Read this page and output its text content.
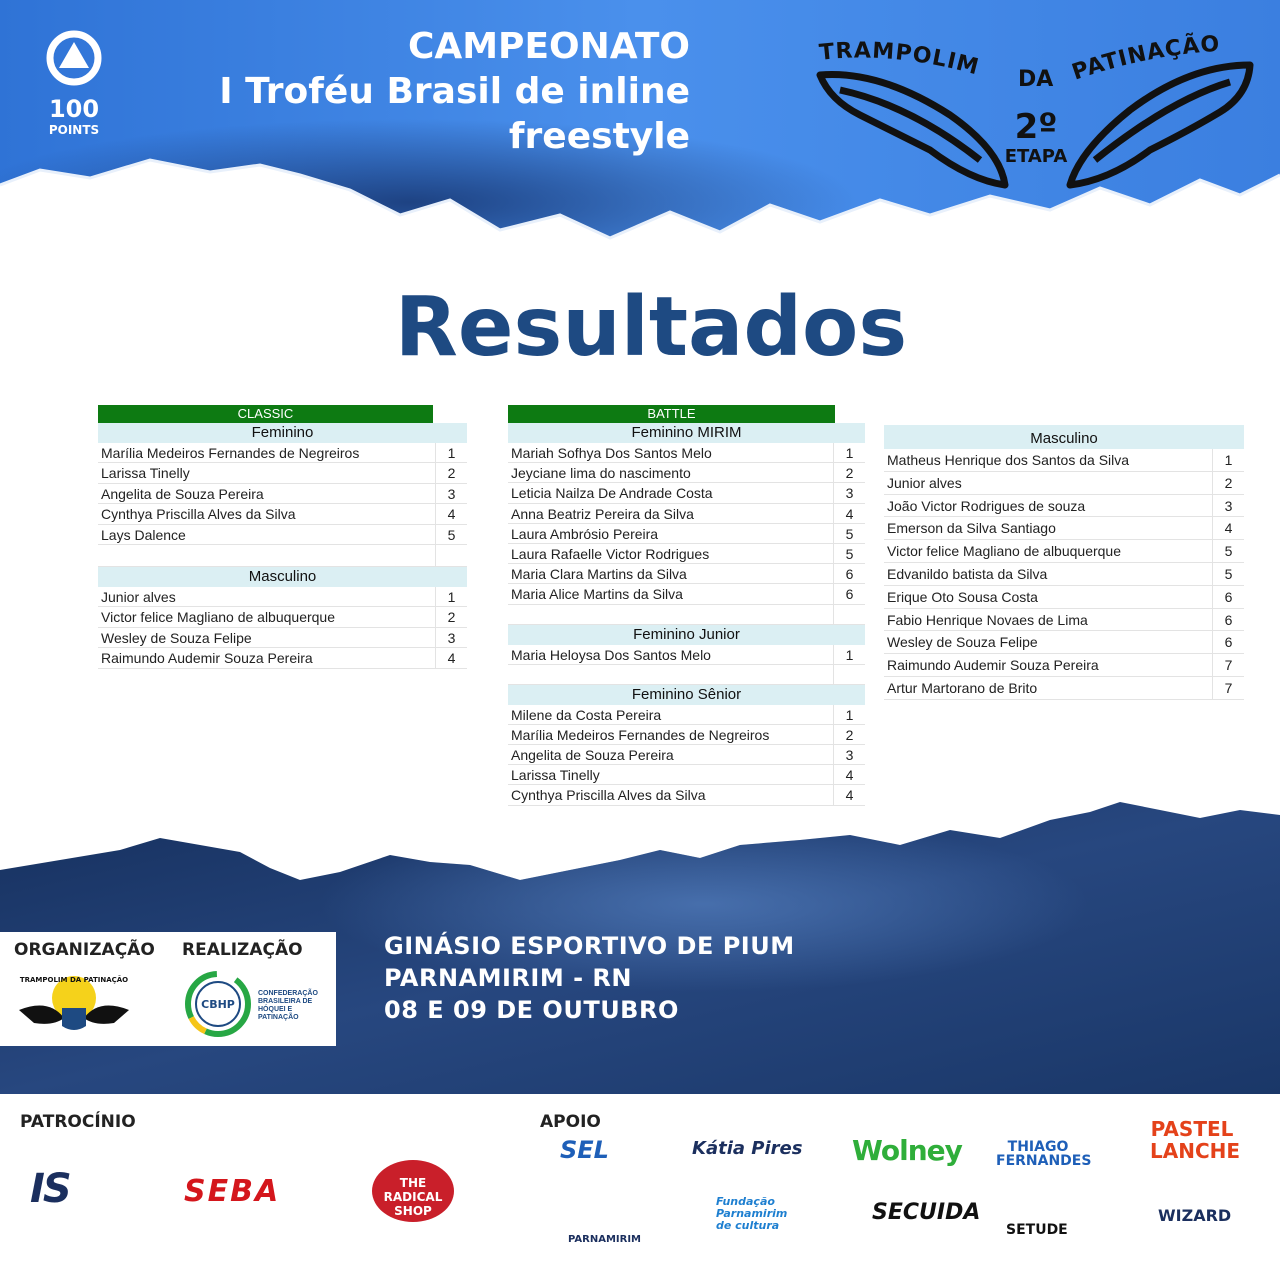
100
POINTS
CAMPEONATO
I Troféu Brasil de inline
freestyle
TRAMPOLIM DA PATINAÇÃO
2º
ETAPA
Resultados
CLASSIC
Feminino
Marília Medeiros Fernandes de Negreiros	1
Larissa Tinelly	2
Angelita de Souza Pereira	3
Cynthya Priscilla Alves da Silva	4
Lays Dalence	5
Masculino
Junior alves	1
Victor felice Magliano de albuquerque	2
Wesley de Souza Felipe	3
Raimundo Audemir Souza Pereira	4
BATTLE
Feminino MIRIM
Mariah Sofhya Dos Santos Melo	1
Jeyciane lima do nascimento	2
Leticia Nailza De Andrade Costa	3
Anna Beatriz Pereira da Silva	4
Laura Ambrósio Pereira	5
Laura Rafaelle Victor Rodrigues	5
Maria Clara Martins da Silva	6
Maria Alice Martins da Silva	6
Feminino Junior
Maria Heloysa Dos Santos Melo	1
Feminino Sênior
Milene da Costa Pereira	1
Marília Medeiros Fernandes de Negreiros	2
Angelita de Souza Pereira	3
Larissa Tinelly	4
Cynthya Priscilla Alves da Silva	4
Masculino
Matheus Henrique dos Santos da Silva	1
Junior alves	2
João Victor Rodrigues de souza	3
Emerson da Silva Santiago	4
Victor felice Magliano de albuquerque	5
Edvanildo batista da Silva	5
Erique Oto Sousa Costa	6
Fabio Henrique Novaes de Lima	6
Wesley de Souza Felipe	6
Raimundo Audemir Souza Pereira	7
Artur Martorano de Brito	7
ORGANIZAÇÃO REALIZAÇÃO
TRAMPOLIM DA PATINAÇÃO
CBHP
CONFEDERAÇÃO BRASILEIRA DE HÓQUEI E PATINAÇÃO
GINÁSIO ESPORTIVO DE PIUM
PARNAMIRIM - RN
08 E 09 DE OUTUBRO
PATROCÍNIO	APOIO
IS	SEBA	THE RADICAL SHOP
SEL	Kátia Pires Wolney	THIAGO FERNANDES
PASTEL LANCHE
PARNAMIRIM
Fundação Parnamirim de cultura
SECUIDA
SETUDE
WIZARD
